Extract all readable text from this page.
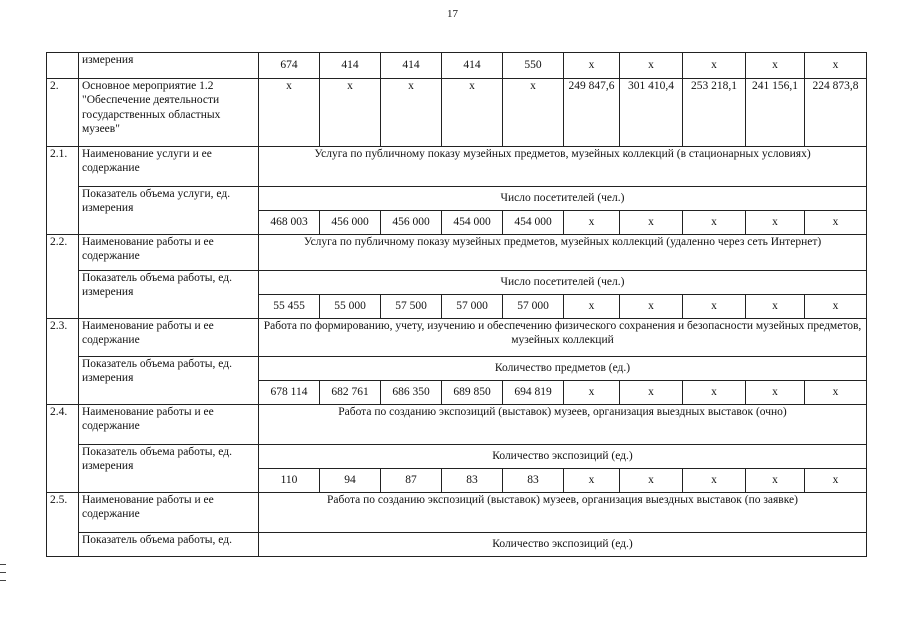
17
	измерения	674	414	414	414	550	x	x	x	x	x
2.	Основное мероприятие 1.2 "Обеспечение деятельности государственных областных музеев"	x	x	x	x	x	249 847,6	301 410,4	253 218,1	241 156,1	224 873,8
2.1.	Наименование услуги и ее содержание	Услуга по публичному показу музейных предметов, музейных коллекций (в стационарных условиях)									
	Показатель объема услуги, ед. измерения	Число посетителей (чел.)									
		468 003	456 000	456 000	454 000	454 000	x	x	x	x	x
2.2.	Наименование работы и ее содержание	Услуга по публичному показу музейных предметов, музейных коллекций (удаленно через сеть Интернет)									
	Показатель объема работы, ед. измерения	Число посетителей (чел.)									
		55 455	55 000	57 500	57 000	57 000	x	x	x	x	x
2.3.	Наименование работы и ее содержание	Работа по формированию, учету, изучению и обеспечению физического сохранения и безопасности музейных предметов, музейных коллекций									
	Показатель объема работы, ед. измерения	Количество предметов (ед.)									
		678 114	682 761	686 350	689 850	694 819	x	x	x	x	x
2.4.	Наименование работы и ее содержание	Работа по созданию экспозиций (выставок) музеев, организация выездных выставок (очно)									
	Показатель объема работы, ед. измерения	Количество экспозиций (ед.)									
		110	94	87	83	83	x	x	x	x	x
2.5.	Наименование работы и ее содержание	Работа по созданию экспозиций (выставок) музеев, организация выездных выставок (по заявке)									
	Показатель объема работы, ед.	Количество экспозиций (ед.)									
